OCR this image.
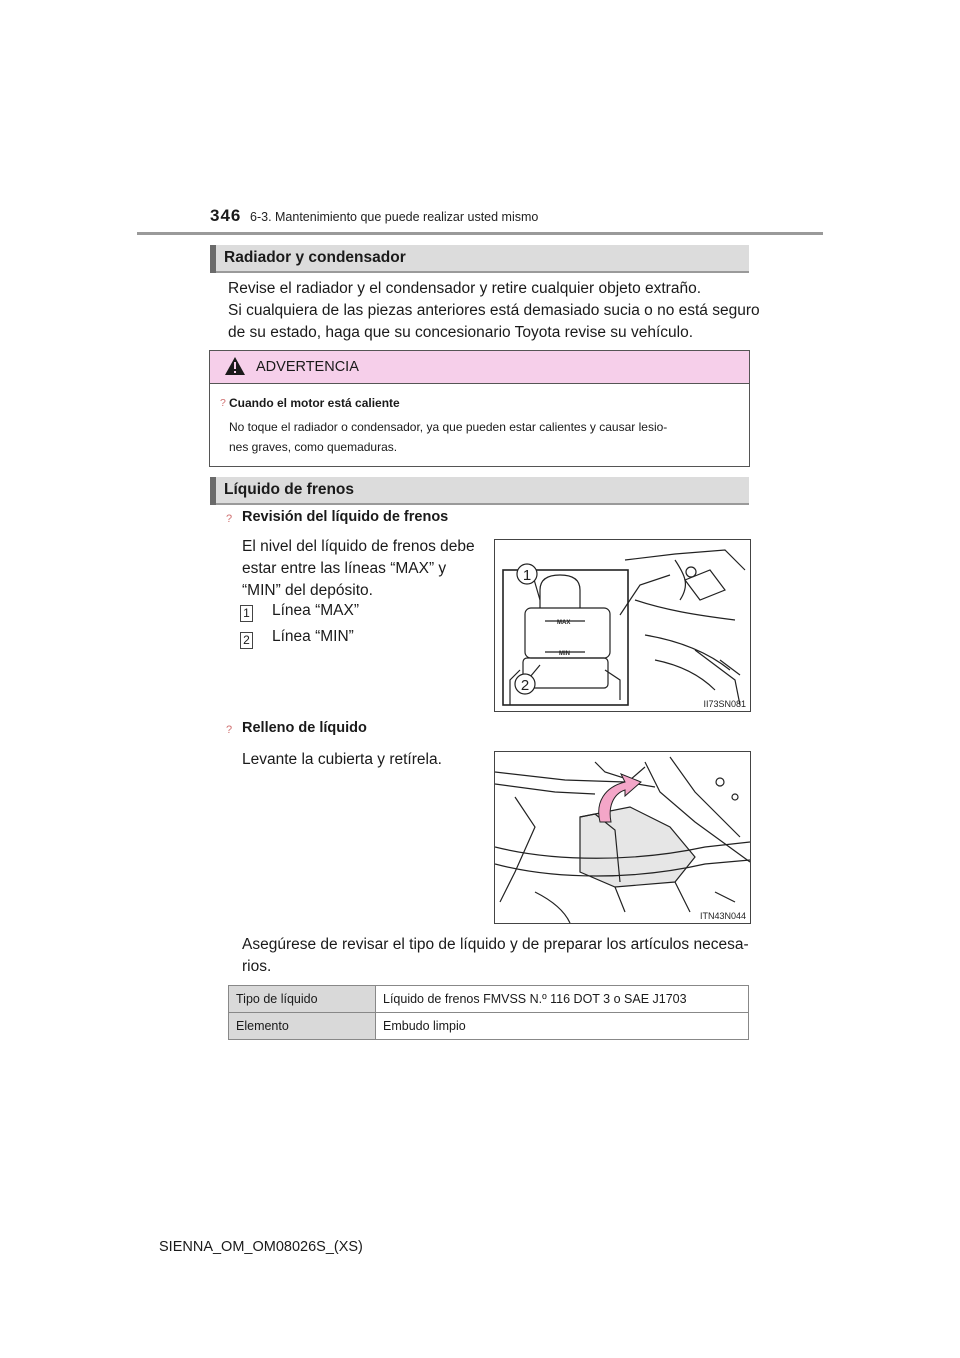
346 6-3. Mantenimiento que puede realizar usted mismo
Radiador y condensador
Revise el radiador y el condensador y retire cualquier objeto extraño.
Si cualquiera de las piezas anteriores está demasiado sucia o no está seguro
de su estado, haga que su concesionario Toyota revise su vehículo.
ADVERTENCIA
? Cuando el motor está caliente
No toque el radiador o condensador, ya que pueden estar calientes y causar lesio-
nes graves, como quemaduras.
Líquido de frenos
? Revisión del líquido de frenos
El nivel del líquido de frenos debe
estar entre las líneas “MAX” y
“MIN” del depósito.
1 Línea “MAX”
2 Línea “MIN”
MAX
MIN
1
2
II73SN081
? Relleno de líquido
Levante la cubierta y retírela.
ITN43N044
Asegúrese de revisar el tipo de líquido y de preparar los artículos necesa-
rios.
Tipo de líquido	Líquido de frenos FMVSS N.º 116 DOT 3 o SAE J1703
Elemento	Embudo limpio
SIENNA_OM_OM08026S_(XS)
